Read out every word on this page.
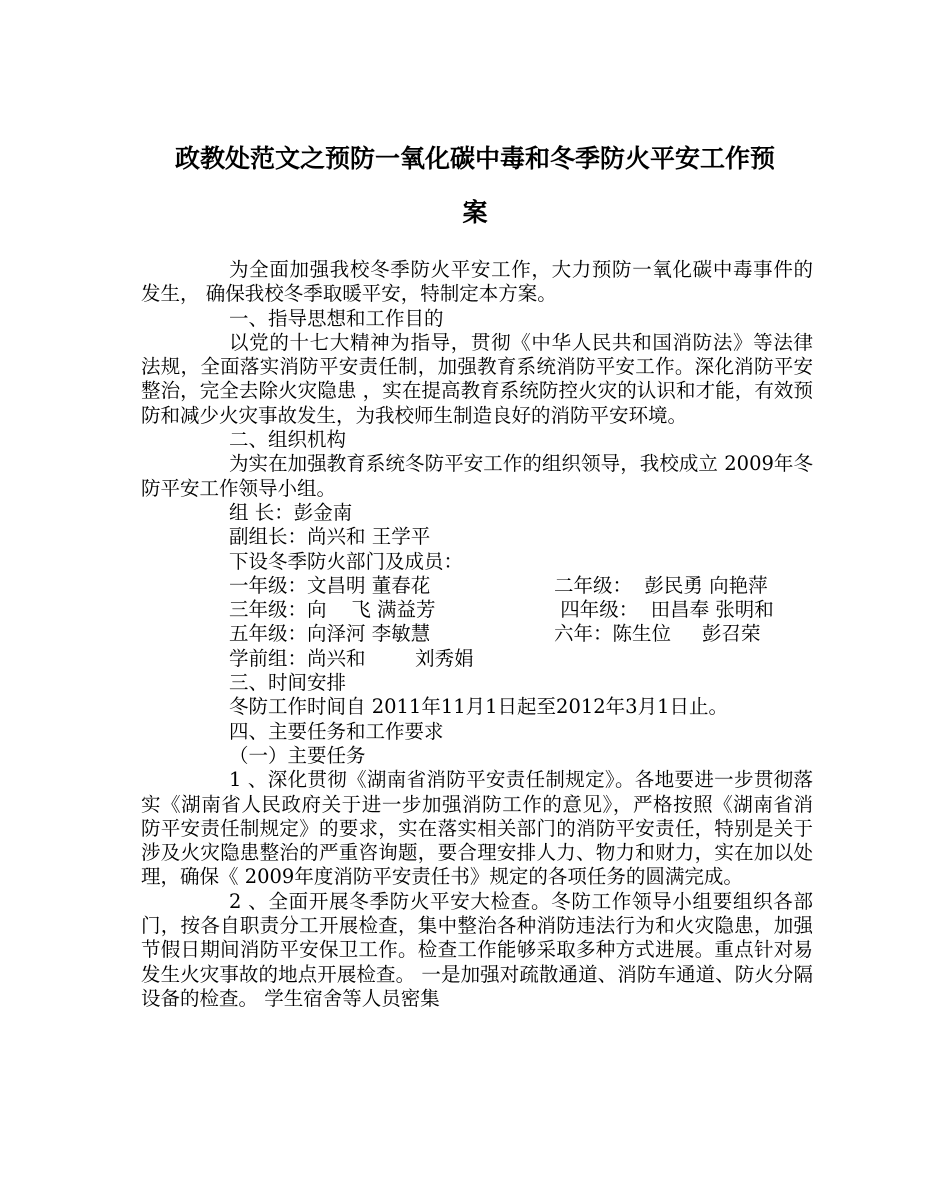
政教处范文之预防一氧化碳中毒和冬季防火平安工作预
案

为全面加强我校冬季防火平安工作，大力预防一氧化碳中毒事件的发生， 确保我校冬季取暖平安，特制定本方案。

一、指导思想和工作目的

以党的十七大精神为指导，贯彻《中华人民共和国消防法》等法律法规，全面落实消防平安责任制，加强教育系统消防平安工作。深化消防平安整治，完全去除火灾隐患 ，实在提高教育系统防控火灾的认识和才能，有效预防和减少火灾事故发生，为我校师生制造良好的消防平安环境。

二、组织机构

为实在加强教育系统冬防平安工作的组织领导，我校成立 2009年冬防平安工作领导小组。

组 长：彭金南

副组长：尚兴和 王学平

下设冬季防火部门及成员：

一年级：文昌明 董春花	二年级：  彭民勇 向艳萍
三年级：向    飞 满益芳	四年级：  田昌奉 张明和
五年级：向泽河 李敏慧	六年：陈生位     彭召荣

学前组：尚兴和        刘秀娟

三、时间安排

冬防工作时间自 2011年11月1日起至2012年3月1日止。

四、主要任务和工作要求

（一）主要任务

1 、深化贯彻《湖南省消防平安责任制规定》。各地要进一步贯彻落实《湖南省人民政府关于进一步加强消防工作的意见》，严格按照《湖南省消防平安责任制规定》的要求，实在落实相关部门的消防平安责任，特别是关于涉及火灾隐患整治的严重咨询题，要合理安排人力、物力和财力，实在加以处理，确保《 2009年度消防平安责任书》规定的各项任务的圆满完成。

2 、全面开展冬季防火平安大检查。冬防工作领导小组要组织各部门，按各自职责分工开展检查，集中整治各种消防违法行为和火灾隐患，加强节假日期间消防平安保卫工作。检查工作能够采取多种方式进展。重点针对易发生火灾事故的地点开展检查。 一是加强对疏散通道、消防车通道、防火分隔设备的检查。 学生宿舍等人员密集
